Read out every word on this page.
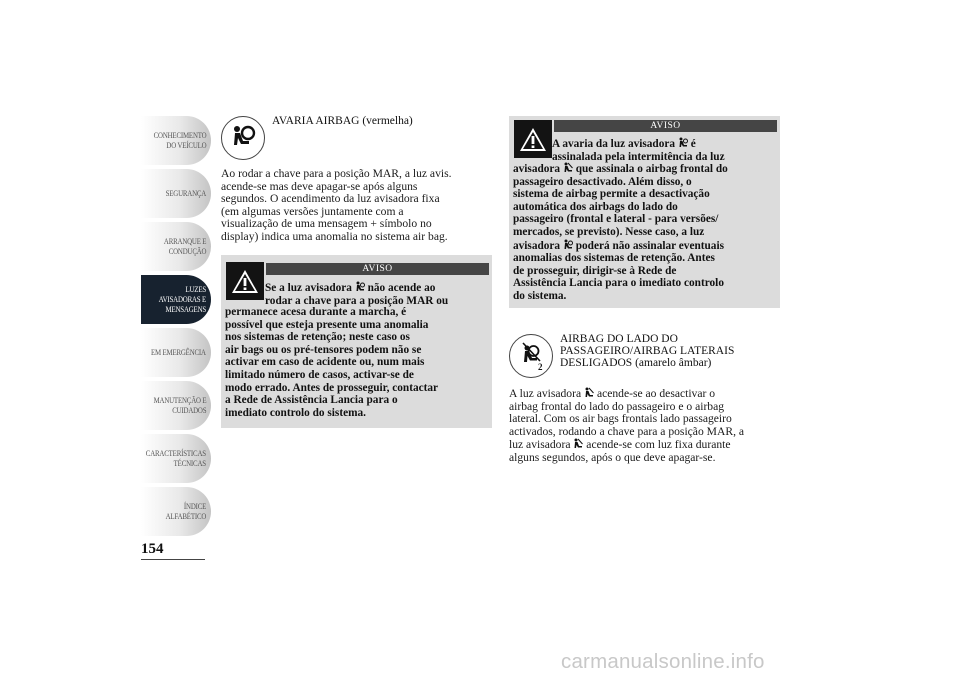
CONHECIMENTO
DO VEÍCULO
SEGURANÇA
ARRANQUE E
CONDUÇÃO
LUZES
AVISADORAS E
MENSAGENS
EM EMERGÊNCIA
MANUTENÇÃO E
CUIDADOS
CARACTERÍSTICAS
TÉCNICAS
ÍNDICE
ALFABÉTICO
154
AVARIA AIRBAG (vermelha)

Ao rodar a chave para a posição MAR, a luz avis.
acende-se mas deve apagar-se após alguns
segundos. O acendimento da luz avisadora fixa
(em algumas versões juntamente com a
visualização de uma mensagem + símbolo no
display) indica uma anomalia no sistema air bag.

AVISO
Se a luz avisadora não acende ao
rodar a chave para a posição MAR ou
permanece acesa durante a marcha, é
possível que esteja presente uma anomalia
nos sistemas de retenção; neste caso os
air bags ou os pré-tensores podem não se
activar em caso de acidente ou, num mais
limitado número de casos, activar-se de
modo errado. Antes de prosseguir, contactar
a Rede de Assistência Lancia para o
imediato controlo do sistema.
AVISO
A avaria da luz avisadora é
assinalada pela intermitência da luz
avisadora que assinala o airbag frontal do
passageiro desactivado. Além disso, o
sistema de airbag permite a desactivação
automática dos airbags do lado do
passageiro (frontal e lateral - para versões/
mercados, se previsto). Nesse caso, a luz
avisadora poderá não assinalar eventuais
anomalias dos sistemas de retenção. Antes
de prosseguir, dirigir-se à Rede de
Assistência Lancia para o imediato controlo
do sistema.
2
AIRBAG DO LADO DO
PASSAGEIRO/AIRBAG LATERAIS
DESLIGADOS (amarelo âmbar)
A luz avisadora acende-se ao desactivar o
airbag frontal do lado do passageiro e o airbag
lateral. Com os air bags frontais lado passageiro
activados, rodando a chave para a posição MAR, a
luz avisadora acende-se com luz fixa durante
alguns segundos, após o que deve apagar-se.
carmanualsonline.info
